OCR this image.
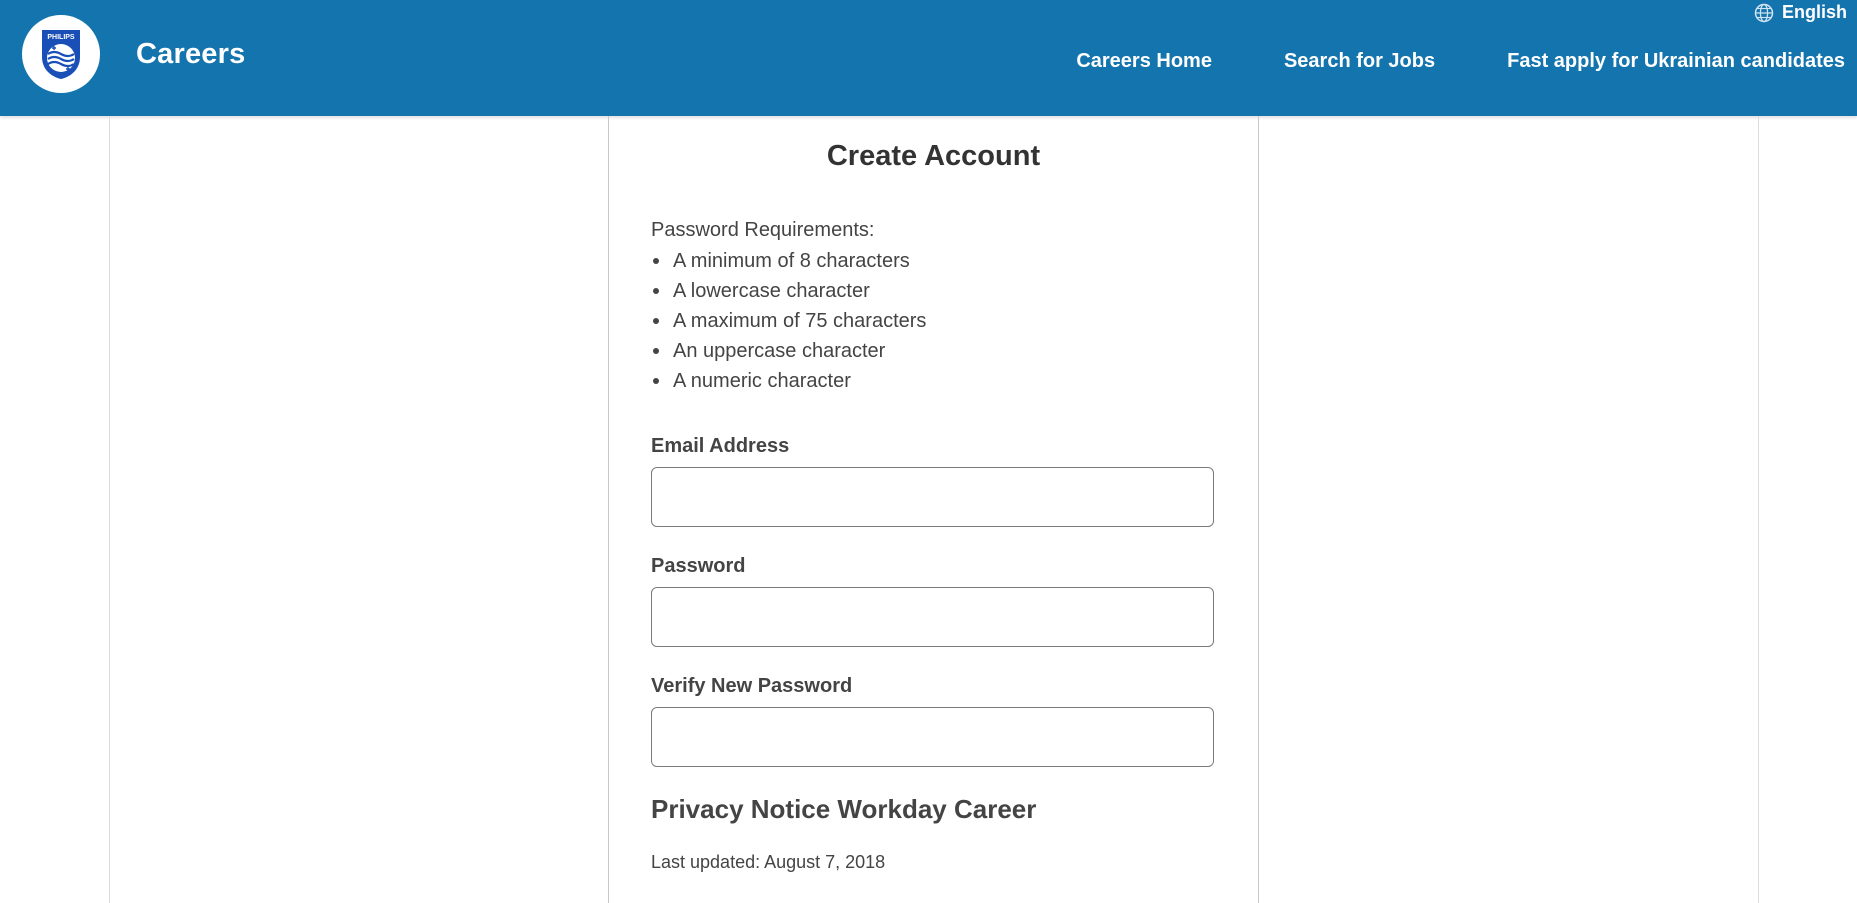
PHILIPS
Careers
English
Careers Home	Search for Jobs	Fast apply for Ukrainian candidates
Create Account
Password Requirements:
A minimum of 8 characters
A lowercase character
A maximum of 75 characters
An uppercase character
A numeric character
Email Address
Password
Verify New Password
Privacy Notice Workday Career
Last updated: August 7, 2018
